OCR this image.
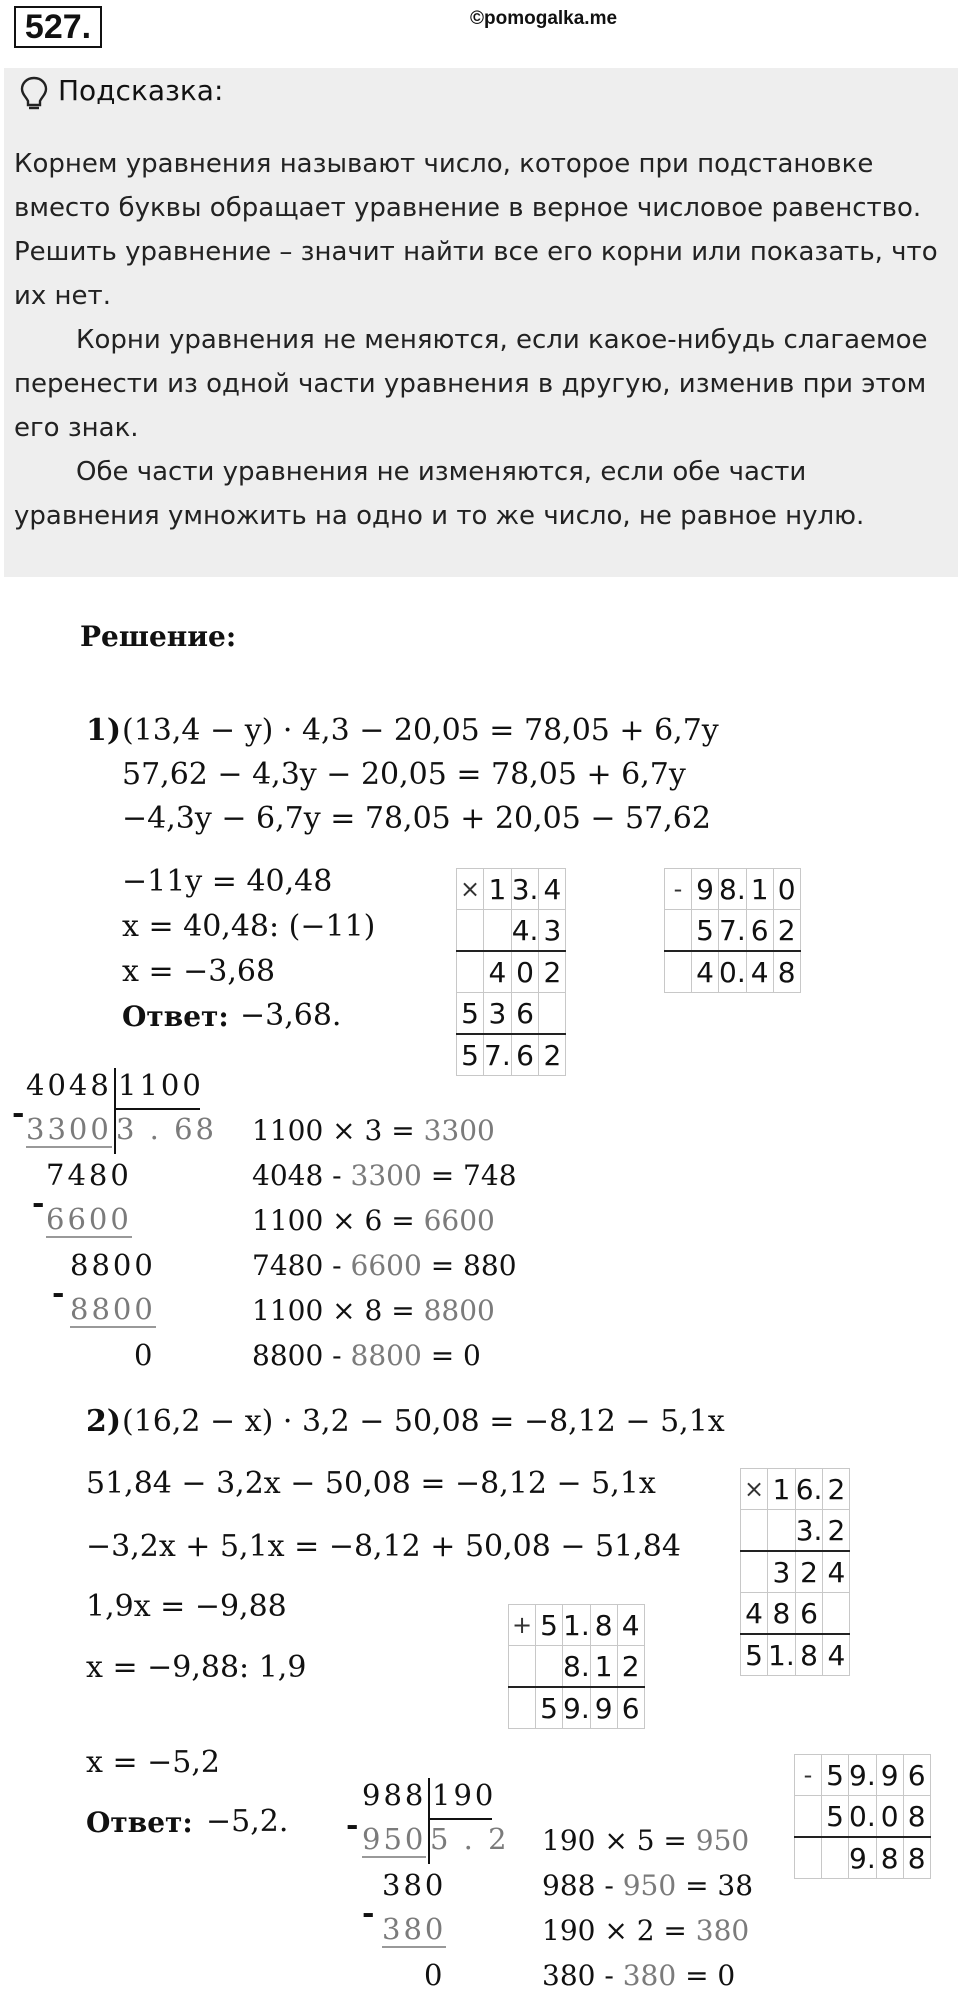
527.	©pomogalka.me
Подсказка:

Корнем уравнения называют число, которое при подстановке вместо буквы обращает уравнение в верное числовое равенство.

Решить уравнение – значит найти все его корни или показать, что их нет.

Корни уравнения не меняются, если какое-нибудь слагаемое перенести из одной части уравнения в другую, изменив при этом его знак.

Обе части уравнения не изменяются, если обе части уравнения умножить на одно и то же число, не равное нулю.

Решение:
1) (13,4 − y) · 4,3 − 20,05 = 78,05 + 6,7y
57,62 − 4,3y − 20,05 = 78,05 + 6,7y
−4,3y − 6,7y = 78,05 + 20,05 − 57,62
−11y = 40,48
x = 40,48: (−11)
x = −3,68
Ответ: −3,68.
×	1	3.	4
		4.	3
	4	0	2
5	3	6	
5	7.	6	2
-	9	8.	1	0
	5	7.	6	2
	4	0.	4	8
4048 1100
- 3300 3 . 68
7480
- 6600
8800
- 8800
0
1100 × 3 = 3300
4048 - 3300 = 748
1100 × 6 = 6600
7480 - 6600 = 880
1100 × 8 = 8800
8800 - 8800 = 0
2) (16,2 − x) · 3,2 − 50,08 = −8,12 − 5,1x
51,84 − 3,2x − 50,08 = −8,12 − 5,1x
−3,2x + 5,1x = −8,12 + 50,08 − 51,84
1,9x = −9,88
x = −9,88: 1,9
x = −5,2
Ответ: −5,2.
×	1	6.	2
		3.	2
	3	2	4
4	8	6	
5	1.	8	4
+	5	1.	8	4
		8.	1	2
	5	9.	9	6
-	5	9.	9	6
	5	0.	0	8
		9.	8	8
988 190
- 950 5 . 2
380
- 380
0
190 × 5 = 950
988 - 950 = 38
190 × 2 = 380
380 - 380 = 0
